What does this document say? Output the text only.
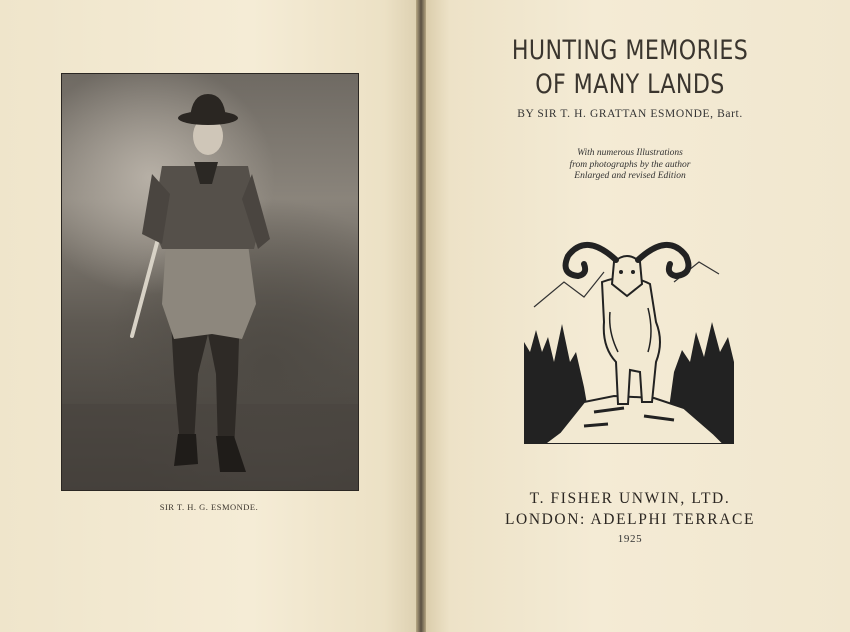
SIR T. H. G. ESMONDE.
HUNTING MEMORIES
OF MANY LANDS
BY SIR T. H. GRATTAN ESMONDE, Bart.
With numerous Illustrations
from photographs by the author
Enlarged and revised Edition
T. FISHER UNWIN, LTD.
LONDON: ADELPHI TERRACE
1925
